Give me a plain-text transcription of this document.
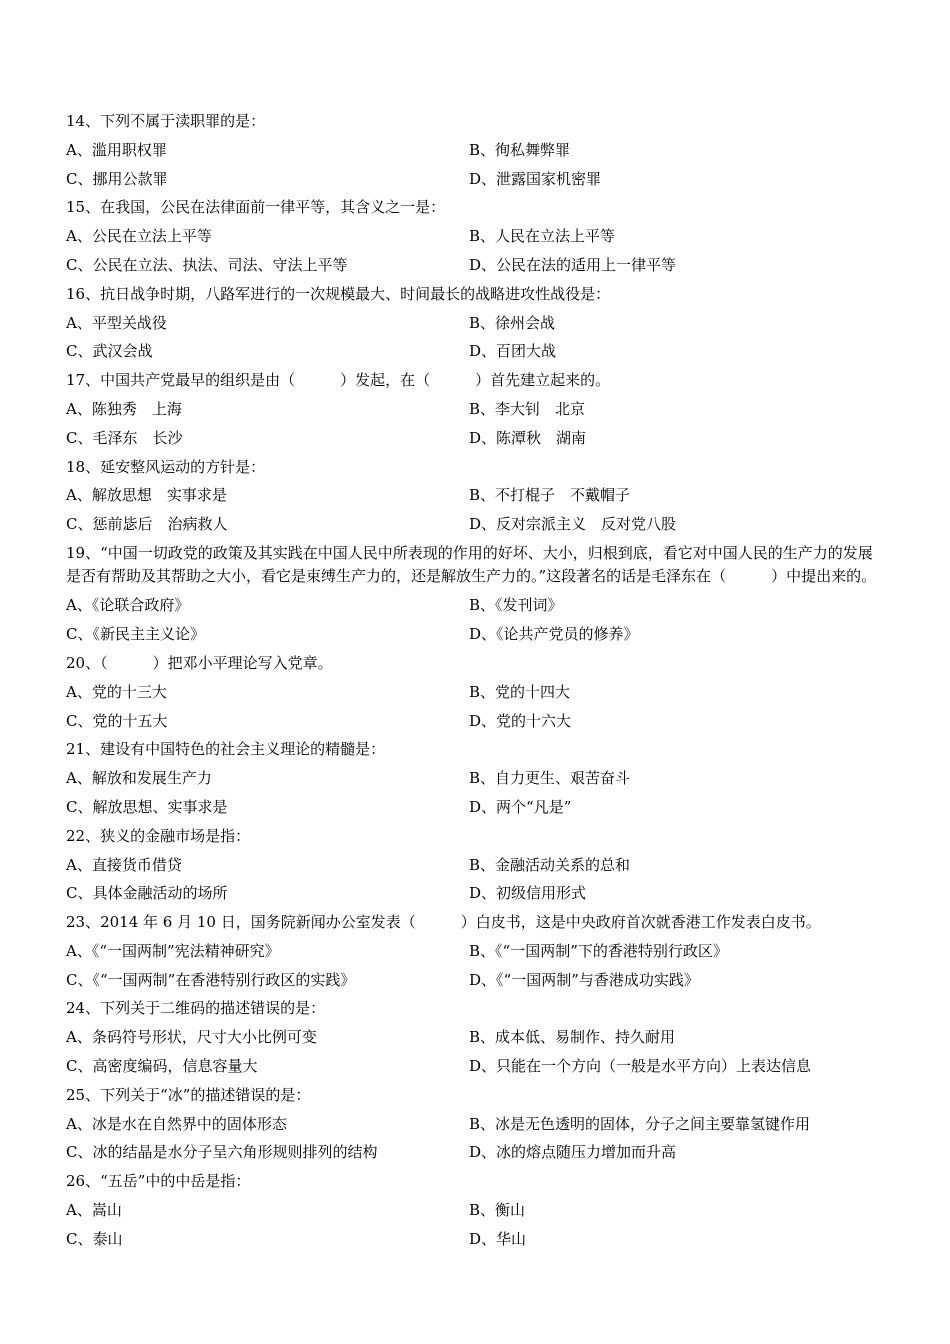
14、下列不属于渎职罪的是：
A、滥用职权罪	B、徇私舞弊罪
C、挪用公款罪	D、泄露国家机密罪
15、在我国，公民在法律面前一律平等，其含义之一是：
A、公民在立法上平等	B、人民在立法上平等
C、公民在立法、执法、司法、守法上平等	D、公民在法的适用上一律平等
16、抗日战争时期，八路军进行的一次规模最大、时间最长的战略进攻性战役是：
A、平型关战役	B、徐州会战
C、武汉会战	D、百团大战
17、中国共产党最早的组织是由（　　　）发起，在（　　　）首先建立起来的。
A、陈独秀　上海	B、李大钊　北京
C、毛泽东　长沙	D、陈潭秋　湖南
18、延安整风运动的方针是：
A、解放思想　实事求是	B、不打棍子　不戴帽子
C、惩前毖后　治病救人	D、反对宗派主义　反对党八股
19、“中国一切政党的政策及其实践在中国人民中所表现的作用的好坏、大小，归根到底，看它对中国人民的生产力的发展是否有帮助及其帮助之大小，看它是束缚生产力的，还是解放生产力的。”这段著名的话是毛泽东在（　　　）中提出来的。
A、《论联合政府》	B、《发刊词》
C、《新民主主义论》	D、《论共产党员的修养》
20、（　　　）把邓小平理论写入党章。
A、党的十三大	B、党的十四大
C、党的十五大	D、党的十六大
21、建设有中国特色的社会主义理论的精髓是：
A、解放和发展生产力	B、自力更生、艰苦奋斗
C、解放思想、实事求是	D、两个“凡是”
22、狭义的金融市场是指：
A、直接货币借贷	B、金融活动关系的总和
C、具体金融活动的场所	D、初级信用形式
23、2014 年 6 月 10 日，国务院新闻办公室发表（　　　）白皮书，这是中央政府首次就香港工作发表白皮书。
A、《“一国两制”宪法精神研究》	B、《“一国两制”下的香港特别行政区》
C、《“一国两制”在香港特别行政区的实践》	D、《“一国两制”与香港成功实践》
24、下列关于二维码的描述错误的是：
A、条码符号形状，尺寸大小比例可变	B、成本低、易制作、持久耐用
C、高密度编码，信息容量大	D、只能在一个方向（一般是水平方向）上表达信息
25、下列关于“冰”的描述错误的是：
A、冰是水在自然界中的固体形态	B、冰是无色透明的固体，分子之间主要靠氢键作用
C、冰的结晶是水分子呈六角形规则排列的结构	D、冰的熔点随压力增加而升高
26、“五岳”中的中岳是指：
A、嵩山	B、衡山
C、泰山	D、华山
